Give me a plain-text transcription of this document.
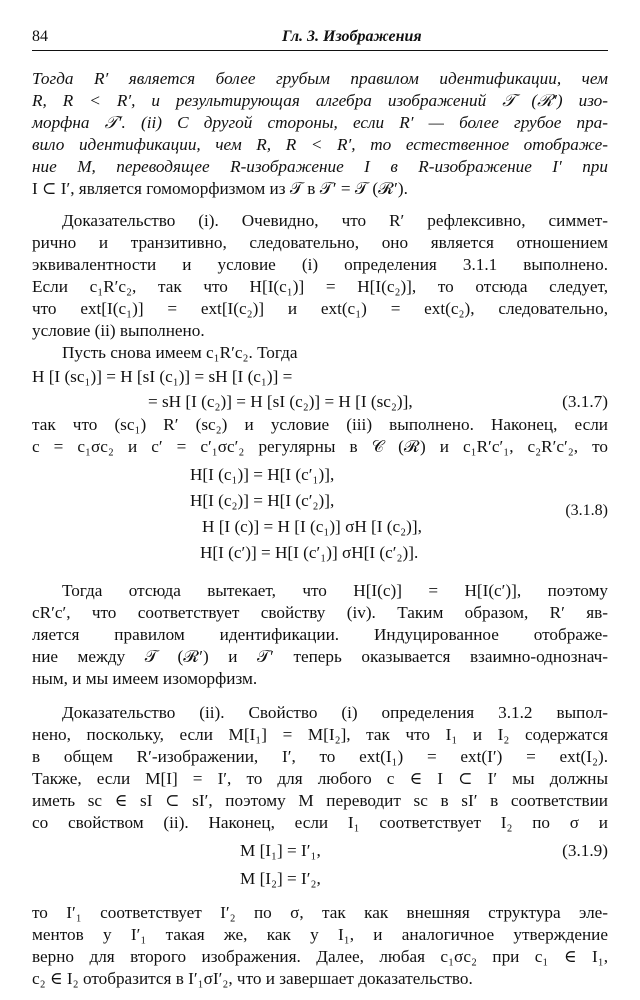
84	Гл. 3. Изображения
Тогда R′ является более грубым правилом идентификации, чем
R, R < R′, и результирующая алгебра изображений 𝒯 (ℛ′) изо-
морфна 𝒯′. (ii) С другой стороны, если R′ — более грубое пра-
вило идентификации, чем R, R < R′, то естественное отображе-
ние M, переводящее R-изображение I в R-изображение I′ при
I ⊂ I′, является гомоморфизмом из 𝒯 в 𝒯′ = 𝒯 (ℛ′).
Доказательство (i). Очевидно, что R′ рефлексивно, симмет-
рично и транзитивно, следовательно, оно является отношением
эквивалентности и условие (i) определения 3.1.1 выполнено.
Если c₁R′c₂, так что H[I(c₁)] = H[I(c₂)], то отсюда следует,
что ext[I(c₁)] = ext[I(c₂)] и ext(c₁) = ext(c₂), следовательно,
условие (ii) выполнено.
Пусть снова имеем c₁R′c₂. Тогда
H [I (sc₁)] = H [sI (c₁)] = sH [I (c₁)] =
= sH [I (c₂)] = H [sI (c₂)] = H [I (sc₂)],	(3.1.7)
так что (sc₁) R′ (sc₂) и условие (iii) выполнено. Наконец, если
c = c₁σc₂ и c′ = c′₁σc′₂ регулярны в 𝒞 (ℛ) и c₁R′c′₁, c₂R′c′₂, то
H[I (c₁)] = H[I (c′₁)],
H[I (c₂)] = H[I (c′₂)],
H [I (c)] = H [I (c₁)] σH [I (c₂)],
H[I (c′)] = H[I (c′₁)] σH[I (c′₂)].
(3.1.8)
Тогда отсюда вытекает, что H[I(c)] = H[I(c′)], поэтому
cR′c′, что соответствует свойству (iv). Таким образом, R′ яв-
ляется правилом идентификации. Индуцированное отображе-
ние между 𝒯 (ℛ′) и 𝒯′ теперь оказывается взаимно-однознач-
ным, и мы имеем изоморфизм.
Доказательство (ii). Свойство (i) определения 3.1.2 выпол-
нено, поскольку, если M[I₁] = M[I₂], так что I₁ и I₂ содержатся
в общем R′-изображении, I′, то ext(I₁) = ext(I′) = ext(I₂).
Также, если M[I] = I′, то для любого c ∈ I ⊂ I′ мы должны
иметь sc ∈ sI ⊂ sI′, поэтому M переводит sc в sI′ в соответствии
со свойством (ii). Наконец, если I₁ соответствует I₂ по σ и
M [I₁] = I′₁,	(3.1.9)
M [I₂] = I′₂,
то I′₁ соответствует I′₂ по σ, так как внешняя структура эле-
ментов у I′₁ такая же, как у I₁, и аналогичное утверждение
верно для второго изображения. Далее, любая c₁σc₂ при c₁ ∈ I₁,
c₂ ∈ I₂ отобразится в I′₁σI′₂, что и завершает доказательство.
